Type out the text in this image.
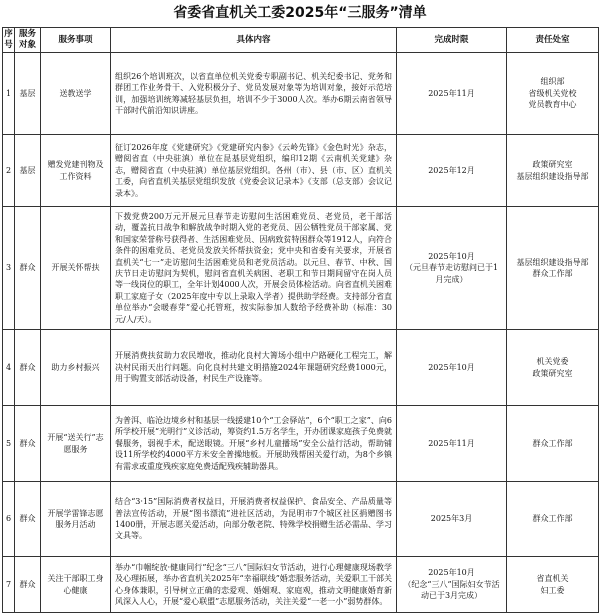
省委省直机关工委2025年“三服务”清单
序号	服务对象	服务事项	具体内容	完成时限	责任处室
1	基层	送教送学	组织26个培训班次，以省直单位机关党委专职副书记、机关纪委书记、党务和群团工作业务骨干、入党积极分子、党员发展对象等为培训对象，接好示范培训，加强培训统筹减轻基层负担，培训不少于3000人次。举办6期云南省领导干部时代前沿知识讲座。	2025年11月	组织部
省级机关党校
党员教育中心
2	基层	赠发党建刊物及工作资料	征订2026年度《党建研究》《党建研究内参》《云岭先锋》《金色时光》杂志，赠阅省直（中央驻滇）单位在昆基层党组织，编印12期《云南机关党建》杂志，赠阅省直（中央驻滇）单位基层党组织。各州（市）、县（市、区）直机关工委，向省直机关基层党组织发放《党委会议记录本》《支部（总支部）会议记录本》。	2025年12月	政策研究室
基层组织建设指导部
3	群众	开展关怀帮扶	下拨党费200万元开展元旦春节走访慰问生活困难党员、老党员，老干部活动，覆盖抗日战争和解放战争时期入党的老党员、因公牺牲党员干部家属、党和国家荣誉称号获得者、生活困难党员、因病致贫特困群众等1912人，向符合条件的困难党员、老党员发放关怀帮扶资金；党中央和省委有关要求，开展省直机关“七一”走访慰问生活困难党员和老党员活动。以元旦、春节、中秋、国庆节日走访慰问为契机，慰问省直机关病困、老职工和节日期间留守在岗人员等一线岗位的职工，全年计划4000人次，开展会员体检活动。向省直机关困难职工家庭子女（2025年度中专以上录取入学者）提供助学经费。支持部分省直单位举办“会暖春芽”爱心托管班，按实际参加人数给予经费补助（标准：30元/人/天）。	2025年10月
（元旦春节走访慰问已于1月完成）	基层组织建设指导部
群众工作部
4	群众	助力乡村振兴	开展消费扶贫助力农民增收，推动化良村大箐场小组中户路硬化工程完工，解决村民雨天出行问题。向化良村共建文明措施2024年课题研究经费1000元，用于购置支部活动设备，村民生产设施等。	2025年10月	机关党委
政策研究室
5	群众	开展“送关行”志愿服务	为普洱、临沧边境乡村和基层一线援建10个“工会驿站”，6个“职工之家”、向6所学校开展“光明行”义诊活动，筹资约1.5万名学生，开办团课家庭孩子免费就餐服务，弱视手术，配送眼镜。开展“乡村儿童播场”安全公益行活动，帮助铺设11所学校约4000平方米安全普操地板。开展助残帮困关爱行动，为8个乡镇有需求或重度残疾家庭免费适配残疾辅助器具。	2025年11月	群众工作部
6	群众	开展学雷锋志愿服务月活动	结合“3·15”国际消费者权益日，开展消费者权益保护、食品安全、产品质量等普法宣传活动，开展“图书漂流”进社区活动，为昆明市7个城区社区捐赠图书1400册，开展志愿关爱活动，向部分敬老院、特殊学校捐赠生活必需品、学习文具等。	2025年3月	群众工作部
7	群众	关注干部职工身心健康	举办“巾帼绽放·健康同行”纪念“三八”国际妇女节活动，进行心理健康现场教学及心理拓展，举办省直机关2025年“幸福联线”婚恋服务活动，关爱职工干部关心身体兼职，引导树立正确的恋爱观、婚姻观、家庭观，推动文明健康婚育新风深入人心，开展“爱心联盟”志愿服务活动，关注关爱“一老一小”弱势群体。	2025年10月
（纪念“三八”国际妇女节活动已于3月完成）	省直机关
妇工委
